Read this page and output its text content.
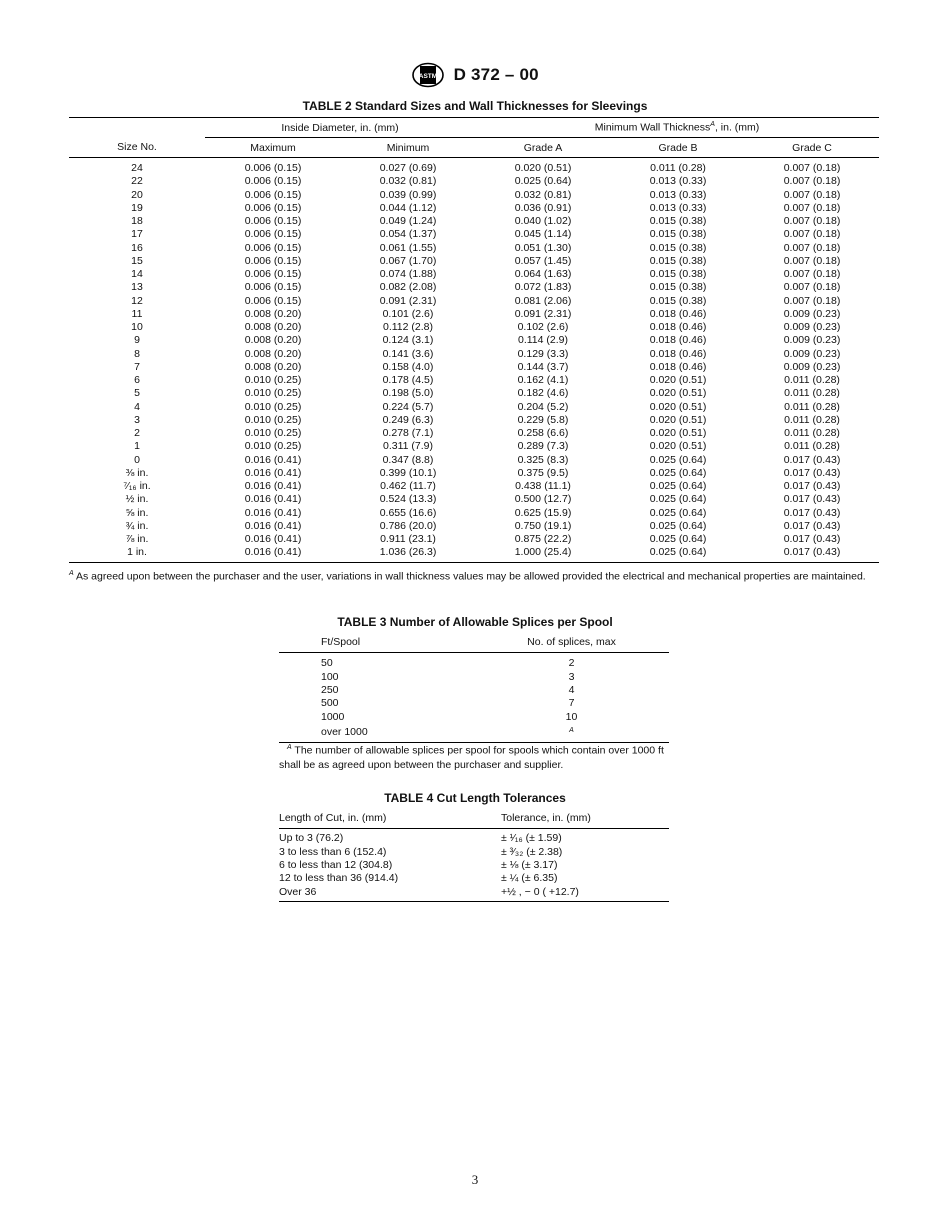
ASTM D 372 – 00
TABLE 2 Standard Sizes and Wall Thicknesses for Sleevings
	Inside Diameter, in. (mm)		Minimum Wall Thickness$^A$, in. (mm)		
Size No.	Maximum	Minimum	Grade A	Grade B	Grade C
24	0.006 (0.15)	0.027 (0.69)	0.020 (0.51)	0.011 (0.28)	0.007 (0.18)
22	0.006 (0.15)	0.032 (0.81)	0.025 (0.64)	0.013 (0.33)	0.007 (0.18)
20	0.006 (0.15)	0.039 (0.99)	0.032 (0.81)	0.013 (0.33)	0.007 (0.18)
19	0.006 (0.15)	0.044 (1.12)	0.036 (0.91)	0.013 (0.33)	0.007 (0.18)
18	0.006 (0.15)	0.049 (1.24)	0.040 (1.02)	0.015 (0.38)	0.007 (0.18)
17	0.006 (0.15)	0.054 (1.37)	0.045 (1.14)	0.015 (0.38)	0.007 (0.18)
16	0.006 (0.15)	0.061 (1.55)	0.051 (1.30)	0.015 (0.38)	0.007 (0.18)
15	0.006 (0.15)	0.067 (1.70)	0.057 (1.45)	0.015 (0.38)	0.007 (0.18)
14	0.006 (0.15)	0.074 (1.88)	0.064 (1.63)	0.015 (0.38)	0.007 (0.18)
13	0.006 (0.15)	0.082 (2.08)	0.072 (1.83)	0.015 (0.38)	0.007 (0.18)
12	0.006 (0.15)	0.091 (2.31)	0.081 (2.06)	0.015 (0.38)	0.007 (0.18)
11	0.008 (0.20)	0.101 (2.6)	0.091 (2.31)	0.018 (0.46)	0.009 (0.23)
10	0.008 (0.20)	0.112 (2.8)	0.102 (2.6)	0.018 (0.46)	0.009 (0.23)
9	0.008 (0.20)	0.124 (3.1)	0.114 (2.9)	0.018 (0.46)	0.009 (0.23)
8	0.008 (0.20)	0.141 (3.6)	0.129 (3.3)	0.018 (0.46)	0.009 (0.23)
7	0.008 (0.20)	0.158 (4.0)	0.144 (3.7)	0.018 (0.46)	0.009 (0.23)
6	0.010 (0.25)	0.178 (4.5)	0.162 (4.1)	0.020 (0.51)	0.011 (0.28)
5	0.010 (0.25)	0.198 (5.0)	0.182 (4.6)	0.020 (0.51)	0.011 (0.28)
4	0.010 (0.25)	0.224 (5.7)	0.204 (5.2)	0.020 (0.51)	0.011 (0.28)
3	0.010 (0.25)	0.249 (6.3)	0.229 (5.8)	0.020 (0.51)	0.011 (0.28)
2	0.010 (0.25)	0.278 (7.1)	0.258 (6.6)	0.020 (0.51)	0.011 (0.28)
1	0.010 (0.25)	0.311 (7.9)	0.289 (7.3)	0.020 (0.51)	0.011 (0.28)
0	0.016 (0.41)	0.347 (8.8)	0.325 (8.3)	0.025 (0.64)	0.017 (0.43)
⅜ in.	0.016 (0.41)	0.399 (10.1)	0.375 (9.5)	0.025 (0.64)	0.017 (0.43)
⁷⁄₁₆ in.	0.016 (0.41)	0.462 (11.7)	0.438 (11.1)	0.025 (0.64)	0.017 (0.43)
½ in.	0.016 (0.41)	0.524 (13.3)	0.500 (12.7)	0.025 (0.64)	0.017 (0.43)
⅝ in.	0.016 (0.41)	0.655 (16.6)	0.625 (15.9)	0.025 (0.64)	0.017 (0.43)
¾ in.	0.016 (0.41)	0.786 (20.0)	0.750 (19.1)	0.025 (0.64)	0.017 (0.43)
⅞ in.	0.016 (0.41)	0.911 (23.1)	0.875 (22.2)	0.025 (0.64)	0.017 (0.43)
1 in.	0.016 (0.41)	1.036 (26.3)	1.000 (25.4)	0.025 (0.64)	0.017 (0.43)
$^A$ As agreed upon between the purchaser and the user, variations in wall thickness values may be allowed provided the electrical and mechanical properties are maintained.
TABLE 3 Number of Allowable Splices per Spool
Ft/Spool	No. of splices, max
50	2
100	3
250	4
500	7
1000	10
over 1000	$^A$
$^A$ The number of allowable splices per spool for spools which contain over 1000 ft shall be as agreed upon between the purchaser and supplier.
TABLE 4 Cut Length Tolerances
Length of Cut, in. (mm)	Tolerance, in. (mm)
Up to 3 (76.2)	± ¹⁄₁₆ (± 1.59)
3 to less than 6 (152.4)	± ³⁄₃₂ (± 2.38)
6 to less than 12 (304.8)	± ⅛ (± 3.17)
12 to less than 36 (914.4)	± ¼ (± 6.35)
Over 36	+½ , − 0 ( +12.7)
3
